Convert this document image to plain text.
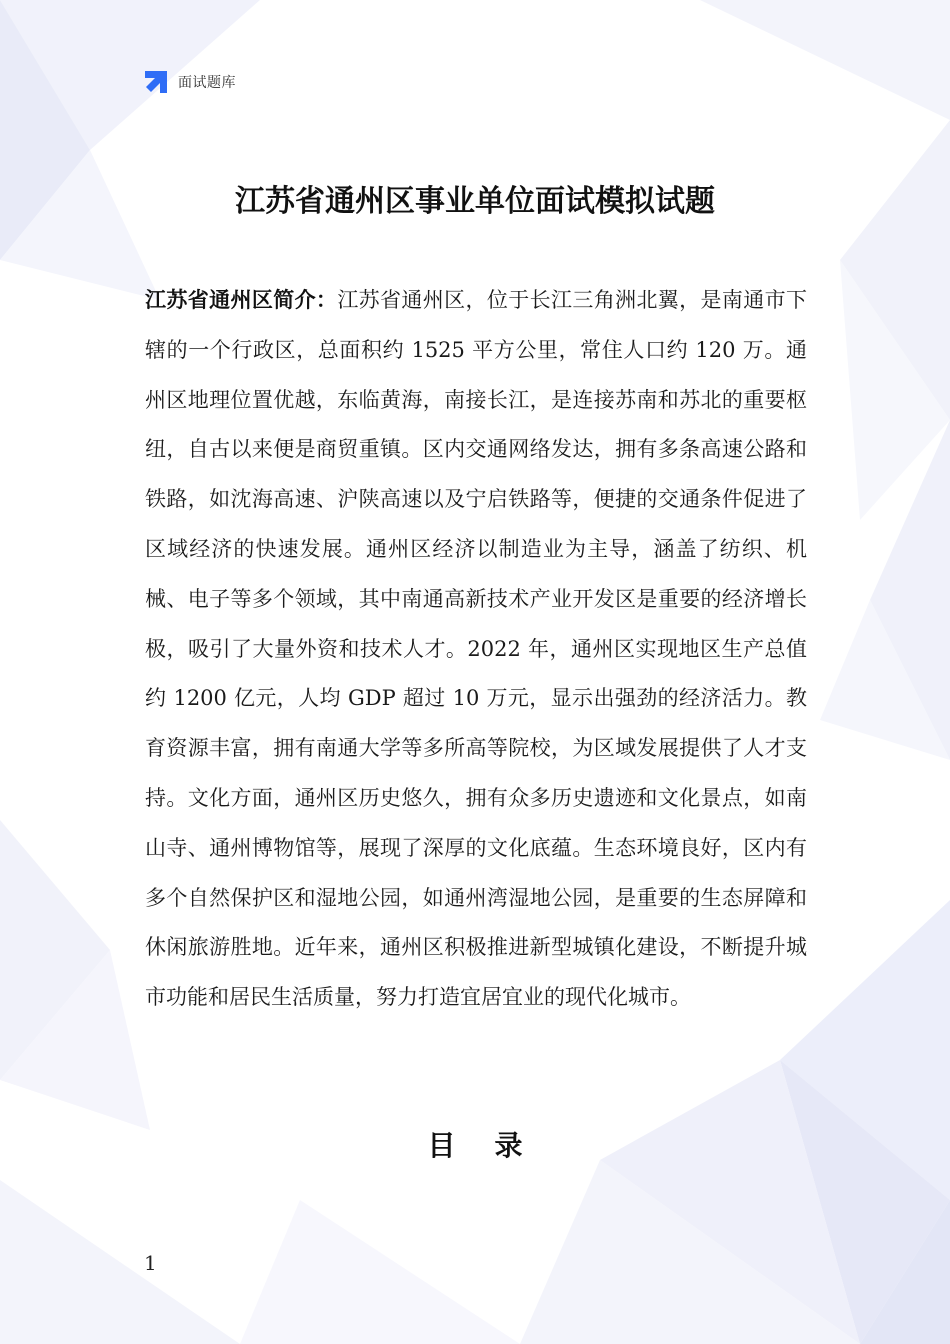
面试题库
江苏省通州区事业单位面试模拟试题

江苏省通州区简介：江苏省通州区，位于长江三角洲北翼，是南通市下辖的一个行政区，总面积约 1525 平方公里，常住人口约 120 万。通州区地理位置优越，东临黄海，南接长江，是连接苏南和苏北的重要枢纽，自古以来便是商贸重镇。区内交通网络发达，拥有多条高速公路和铁路，如沈海高速、沪陕高速以及宁启铁路等，便捷的交通条件促进了区域经济的快速发展。通州区经济以制造业为主导，涵盖了纺织、机械、电子等多个领域，其中南通高新技术产业开发区是重要的经济增长极，吸引了大量外资和技术人才。2022 年，通州区实现地区生产总值约 1200 亿元，人均 GDP 超过 10 万元，显示出强劲的经济活力。教育资源丰富，拥有南通大学等多所高等院校，为区域发展提供了人才支持。文化方面，通州区历史悠久，拥有众多历史遗迹和文化景点，如南山寺、通州博物馆等，展现了深厚的文化底蕴。生态环境良好，区内有多个自然保护区和湿地公园，如通州湾湿地公园，是重要的生态屏障和休闲旅游胜地。近年来，通州区积极推进新型城镇化建设，不断提升城市功能和居民生活质量，努力打造宜居宜业的现代化城市。

目    录
1
